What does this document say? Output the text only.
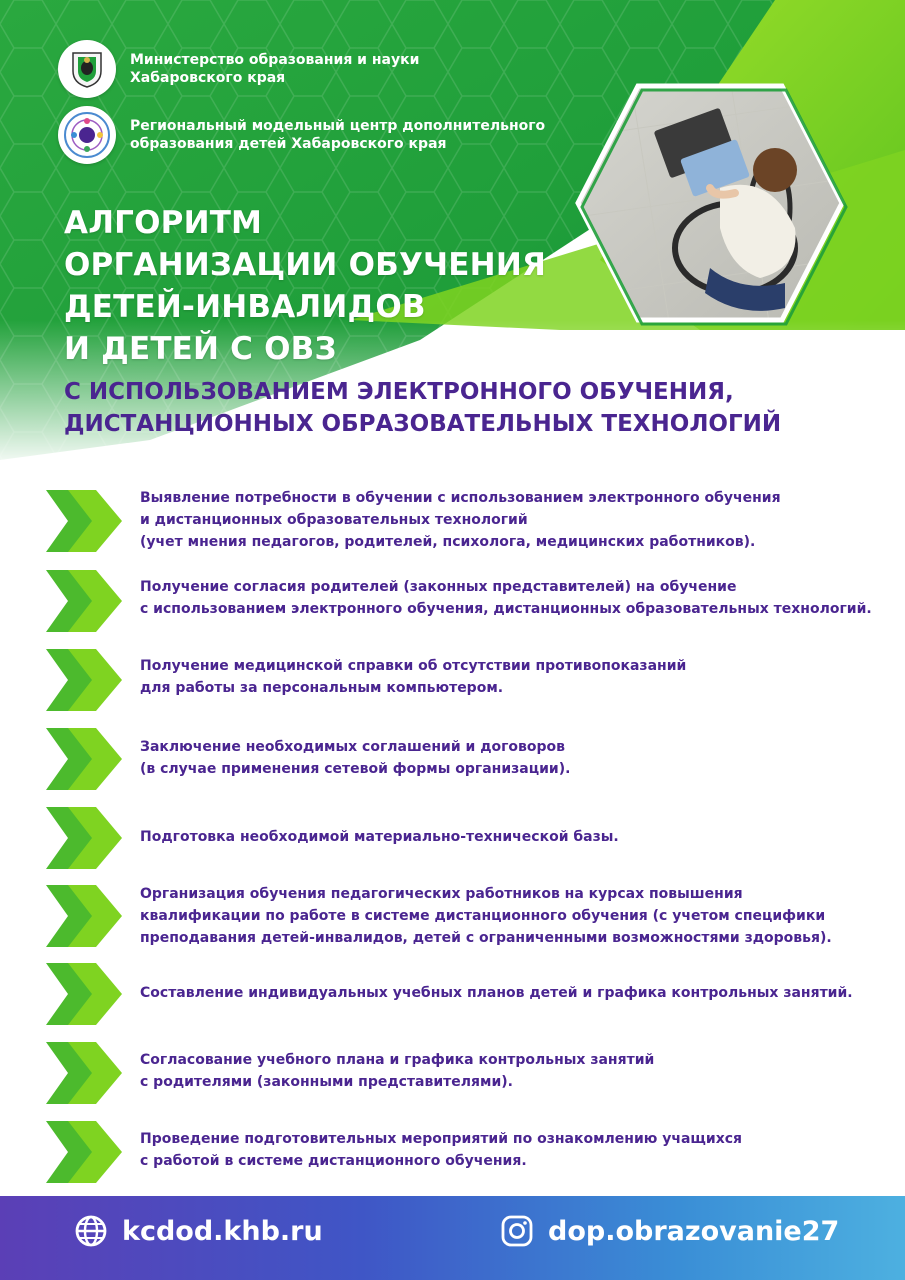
Министерство образования и науки
Хабаровского края
Региональный модельный центр дополнительного
образования детей Хабаровского края
АЛГОРИТМ
ОРГАНИЗАЦИИ ОБУЧЕНИЯ
ДЕТЕЙ-ИНВАЛИДОВ
И ДЕТЕЙ С ОВЗ
С ИСПОЛЬЗОВАНИЕМ ЭЛЕКТРОННОГО ОБУЧЕНИЯ,
ДИСТАНЦИОННЫХ ОБРАЗОВАТЕЛЬНЫХ ТЕХНОЛОГИЙ
Выявление потребности в обучении с использованием электронного обучения
и дистанционных образовательных технологий
(учет мнения педагогов, родителей, психолога, медицинских работников).
Получение согласия родителей (законных представителей) на обучение
с использованием электронного обучения, дистанционных образовательных технологий.
Получение медицинской справки об отсутствии противопоказаний
для работы за персональным компьютером.
Заключение необходимых соглашений и договоров
(в случае применения сетевой формы организации).
Подготовка необходимой материально-технической базы.
Организация обучения педагогических работников на курсах повышения
квалификации по работе в системе дистанционного обучения (с учетом специфики
преподавания детей-инвалидов, детей с ограниченными возможностями здоровья).
Составление индивидуальных учебных планов детей и графика контрольных занятий.
Согласование учебного плана и графика контрольных занятий
с родителями (законными представителями).
Проведение подготовительных мероприятий по ознакомлению учащихся
с работой в системе дистанционного обучения.
kcdod.khb.ru	dop.obrazovanie27
